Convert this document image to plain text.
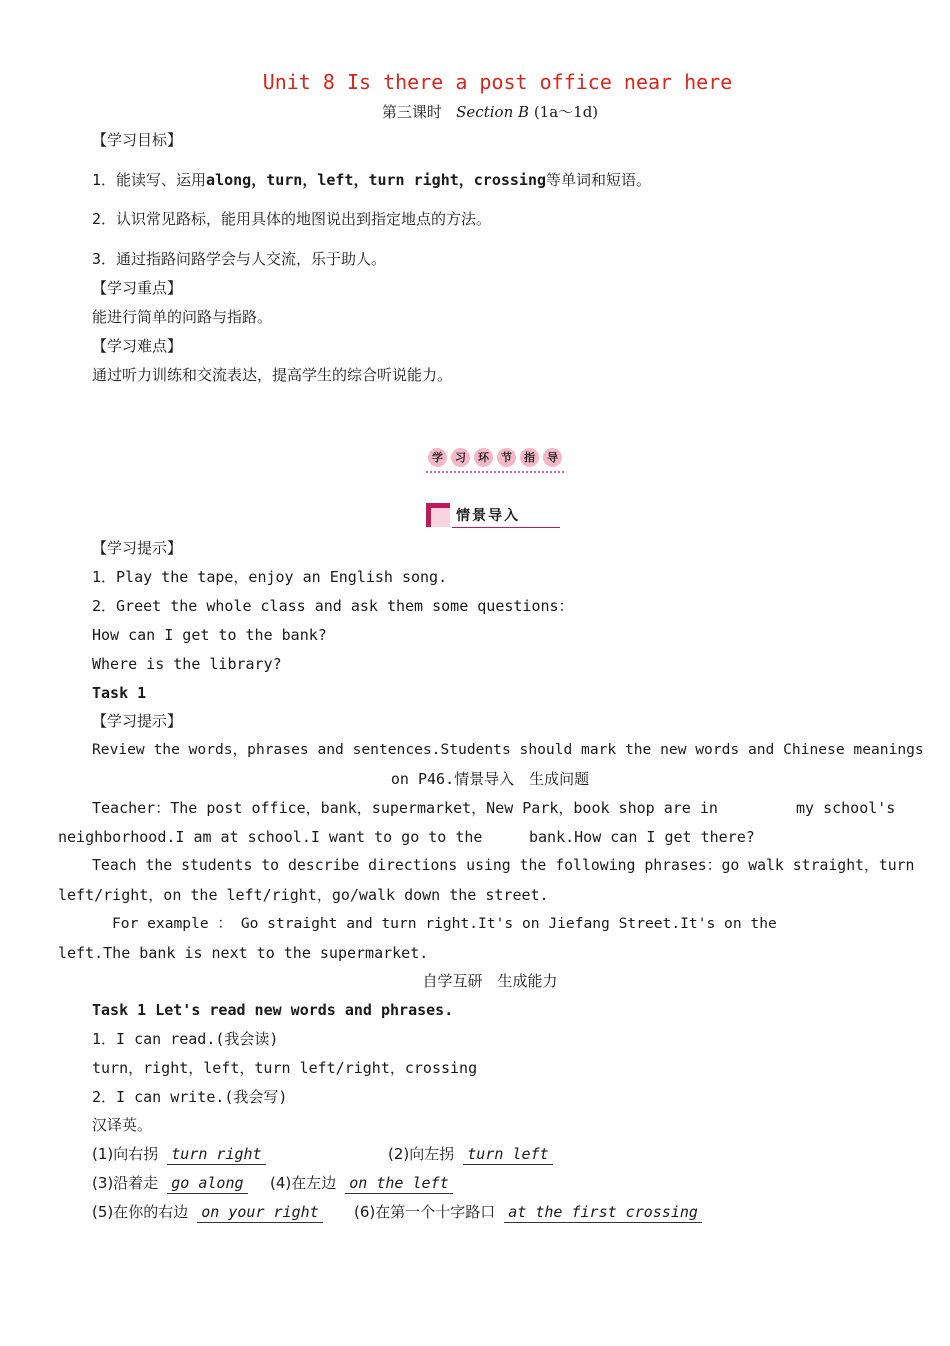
Unit 8 Is there a post office near here
第三课时 Section B (1a～1d)
【学习目标】
1．能读写、运用along，turn，left，turn right，crossing等单词和短语。
2．认识常见路标，能用具体的地图说出到指定地点的方法。
3．通过指路问路学会与人交流，乐于助人。
【学习重点】
能进行简单的问路与指路。
【学习难点】
通过听力训练和交流表达，提高学生的综合听说能力。
学	习	环	节	指	导
情景导入
【学习提示】
1．Play the tape，enjoy an English song.
2．Greet the whole class and ask them some questions：
How can I get to the bank?
Where is the library?
Task 1
【学习提示】
Review the words，phrases and sentences.Students should mark the new words and Chinese meanings
on P46.情景导入　生成问题
Teacher：The post office，bank，supermarket，New Park，book shop are in	my school's
neighborhood.I am at school.I want to go to the	bank.How can I get there?
Teach the students to describe directions using the following phrases：go walk straight，turn
left/right，on the left/right，go/walk down the street.
For example ： Go straight and turn right.It's on Jiefang Street.It's on the
left.The bank is next to the supermarket.
自学互研　生成能力
Task 1 Let's read new words and phrases.
1．I can read.(我会读)
turn，right，left，turn left/right，crossing
2．I can write.(我会写)
汉译英。
(1)向右拐 turn right	(2)向左拐 turn left
(3)沿着走 go along (4)在左边 on the left
(5)在你的右边 on your right (6)在第一个十字路口 at the first crossing
